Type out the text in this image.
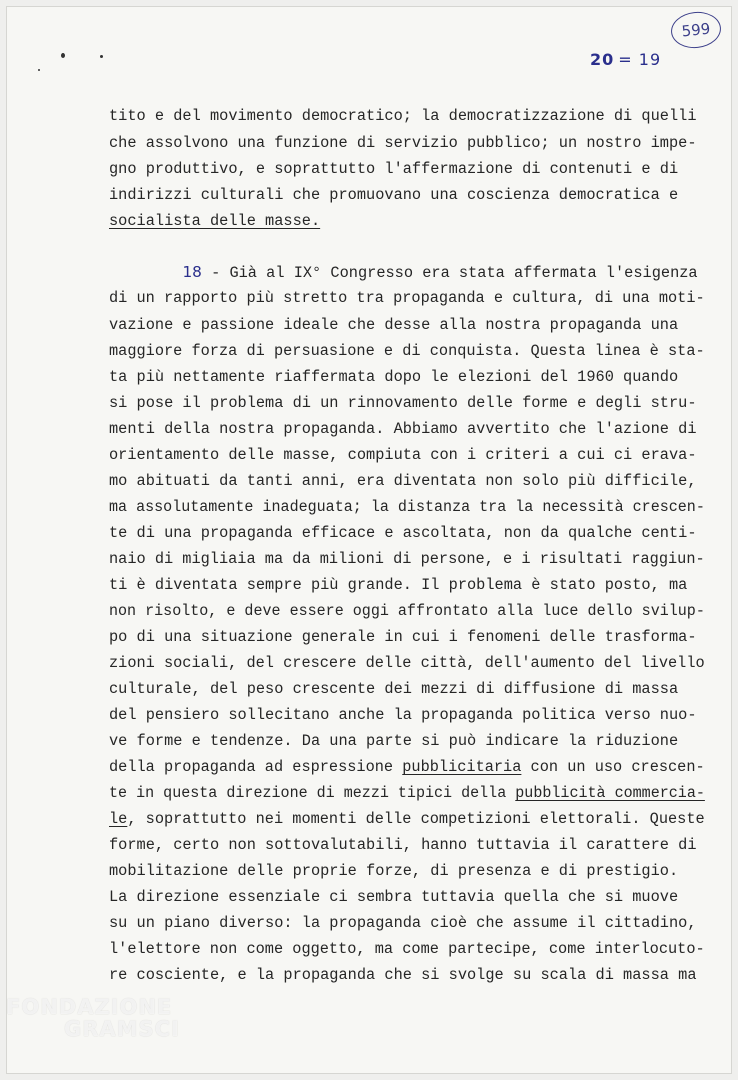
599
20 = 19
tito e del movimento democratico; la democratizzazione di quelli
che assolvono una funzione di servizio pubblico; un nostro impe-
gno produttivo, e soprattutto l'affermazione di contenuti e di
indirizzi culturali che promuovano una coscienza democratica e
socialista delle masse.
18 - Già al IX° Congresso era stata affermata l'esigenza
di un rapporto più stretto tra propaganda e cultura, di una moti-
vazione e passione ideale che desse alla nostra propaganda una
maggiore forza di persuasione e di conquista. Questa linea è sta-
ta più nettamente riaffermata dopo le elezioni del 1960 quando
si pose il problema di un rinnovamento delle forme e degli stru-
menti della nostra propaganda. Abbiamo avvertito che l'azione di
orientamento delle masse, compiuta con i criteri a cui ci erava-
mo abituati da tanti anni, era diventata non solo più difficile,
ma assolutamente inadeguata; la distanza tra la necessità crescen-
te di una propaganda efficace e ascoltata, non da qualche centi-
naio di migliaia ma da milioni di persone, e i risultati raggiun-
ti è diventata sempre più grande. Il problema è stato posto, ma
non risolto, e deve essere oggi affrontato alla luce dello svilup-
po di una situazione generale in cui i fenomeni delle trasforma-
zioni sociali, del crescere delle città, dell'aumento del livello
culturale, del peso crescente dei mezzi di diffusione di massa
del pensiero sollecitano anche la propaganda politica verso nuo-
ve forme e tendenze. Da una parte si può indicare la riduzione
della propaganda ad espressione pubblicitaria con un uso crescen-
te in questa direzione di mezzi tipici della pubblicità commercia-
le, soprattutto nei momenti delle competizioni elettorali. Queste
forme, certo non sottovalutabili, hanno tuttavia il carattere di
mobilitazione delle proprie forze, di presenza e di prestigio.
La direzione essenziale ci sembra tuttavia quella che si muove
su un piano diverso: la propaganda cioè che assume il cittadino,
l'elettore non come oggetto, ma come partecipe, come interlocuto-
re cosciente, e la propaganda che si svolge su scala di massa ma
FONDAZIONE
GRAMSCI
